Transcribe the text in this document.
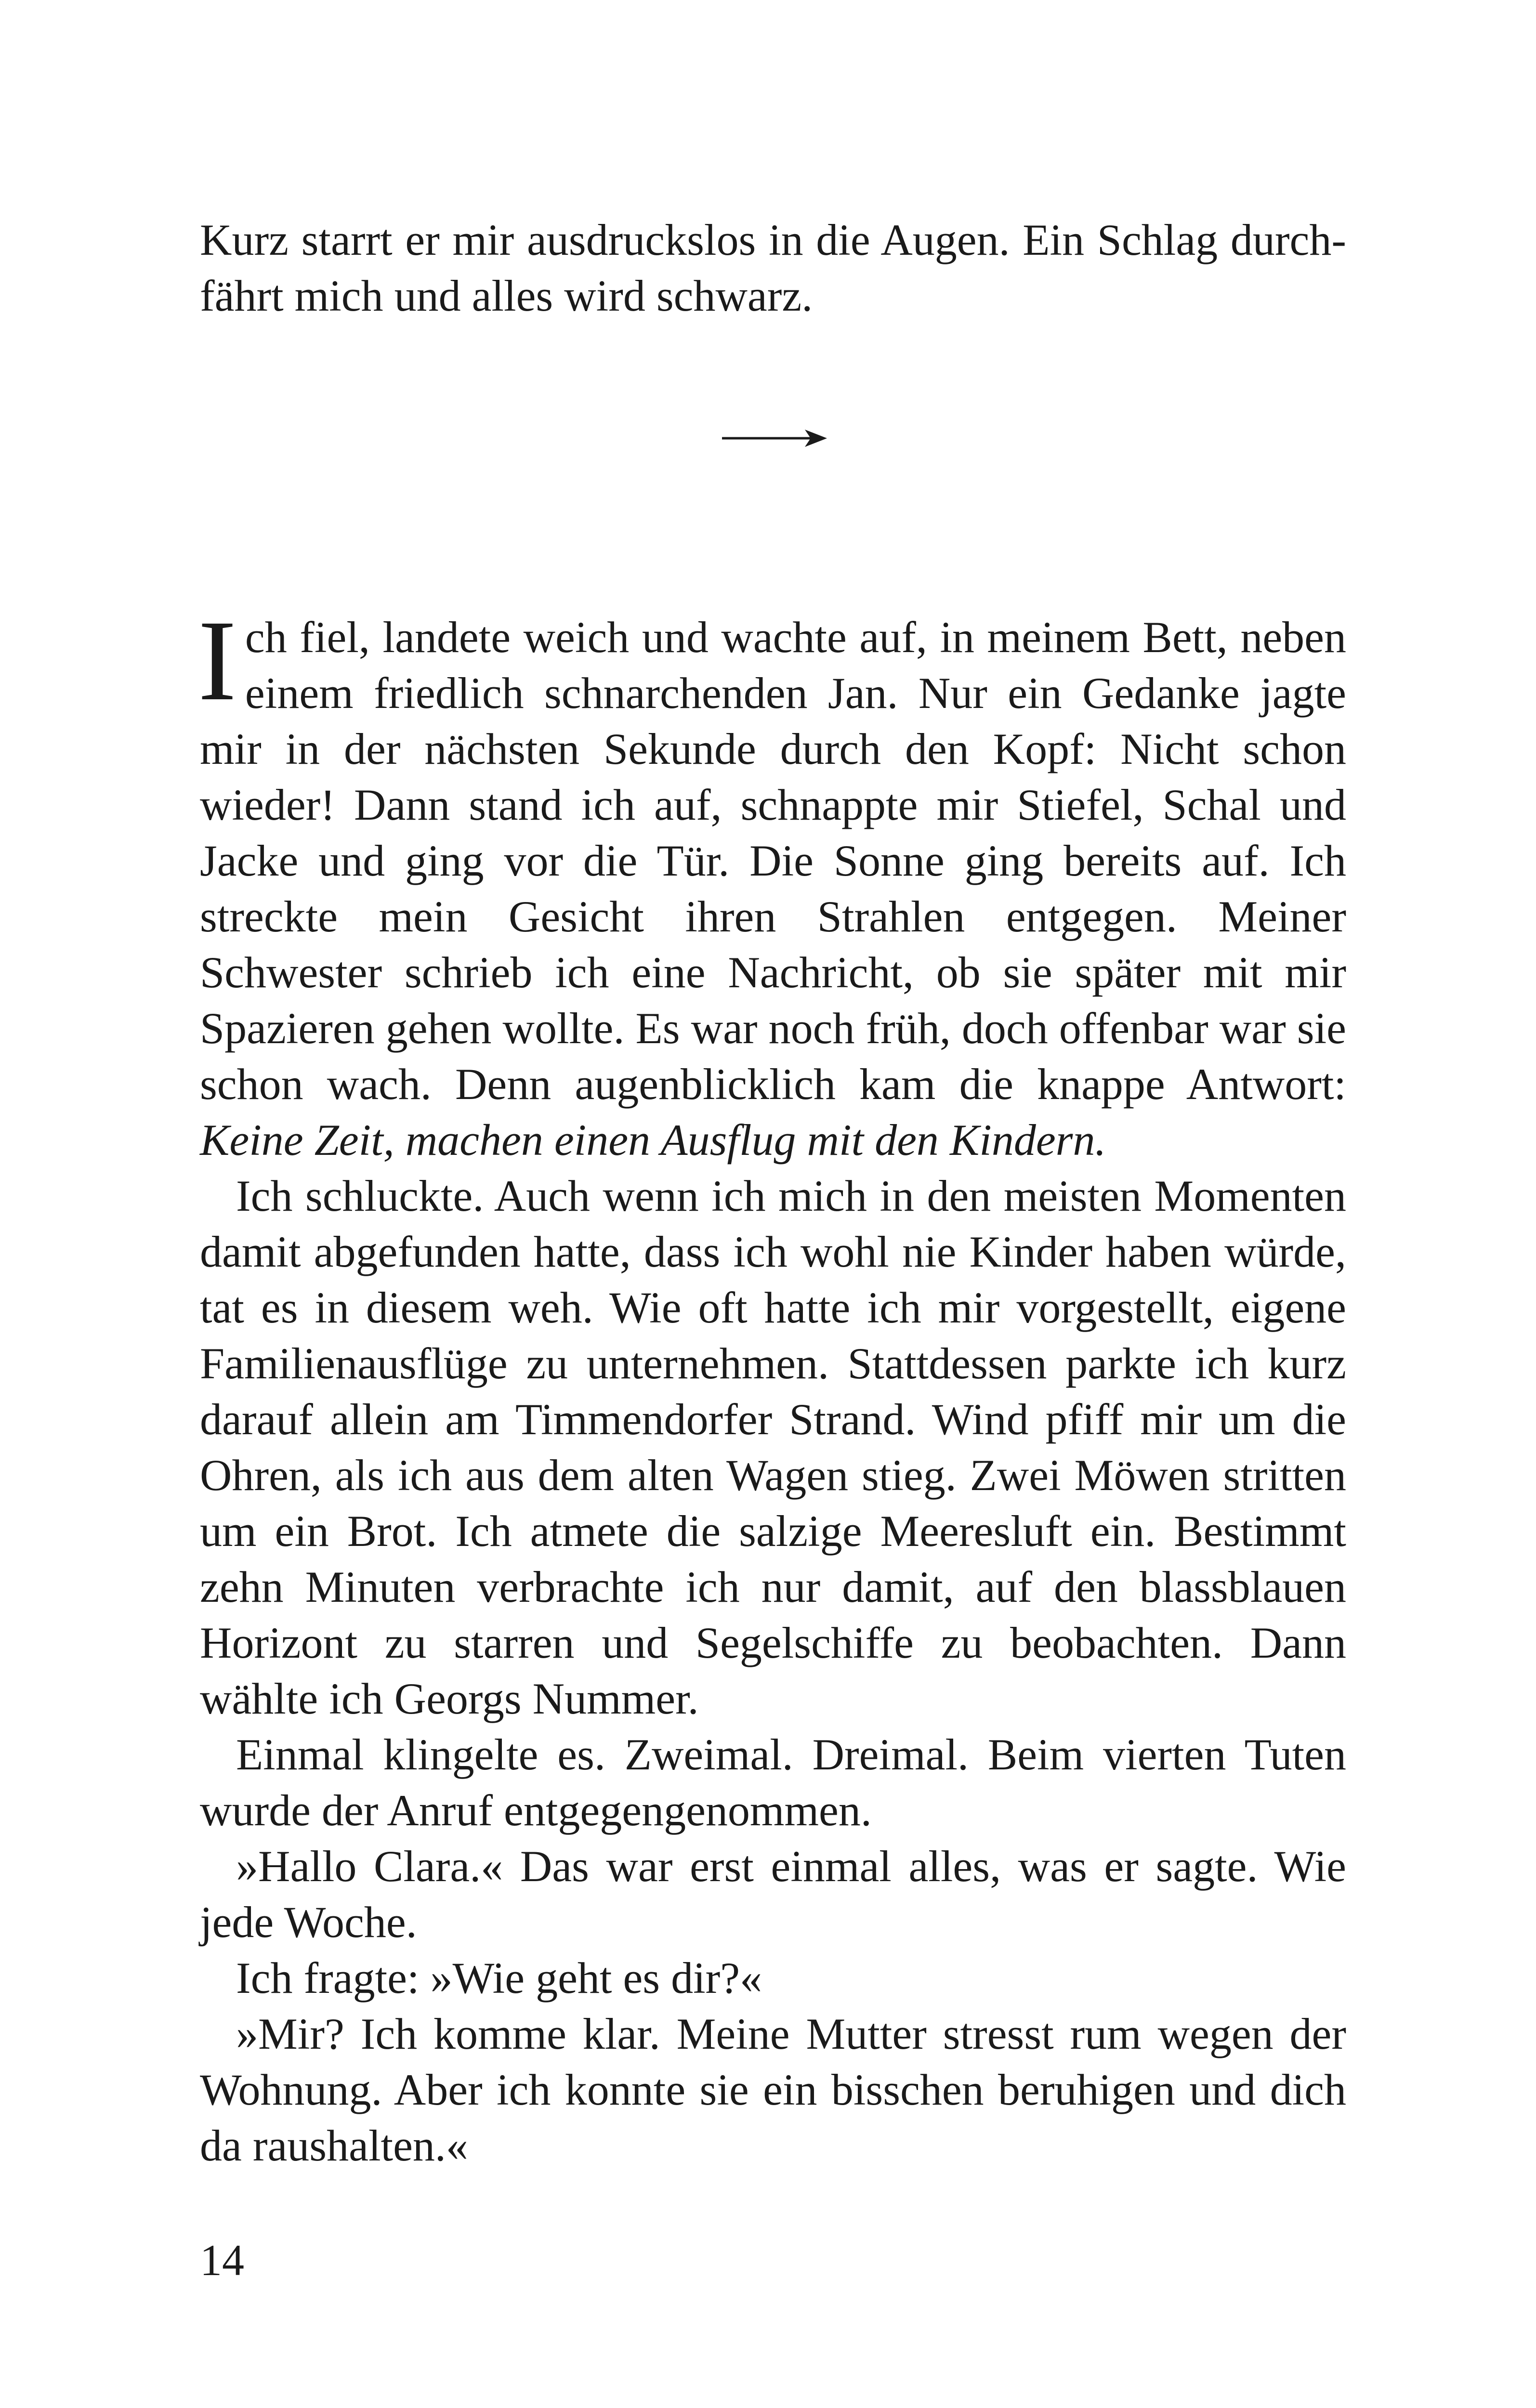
Kurz starrt er mir ausdruckslos in die Augen. Ein Schlag durchfährt mich und alles wird schwarz.

Ich fiel, landete weich und wachte auf, in meinem Bett, neben einem friedlich schnarchenden Jan. Nur ein Gedanke jagte mir in der nächsten Sekunde durch den Kopf: Nicht schon wieder! Dann stand ich auf, schnappte mir Stiefel, Schal und Jacke und ging vor die Tür. Die Sonne ging bereits auf. Ich streckte mein Gesicht ihren Strahlen entgegen. Meiner Schwester schrieb ich eine Nachricht, ob sie später mit mir Spazieren gehen wollte. Es war noch früh, doch offenbar war sie schon wach. Denn augenblicklich kam die knappe Antwort: Keine Zeit, machen einen Ausflug mit den Kindern.

Ich schluckte. Auch wenn ich mich in den meisten Momenten damit abgefunden hatte, dass ich wohl nie Kinder haben würde, tat es in diesem weh. Wie oft hatte ich mir vorgestellt, eigene Familienausflüge zu unternehmen. Stattdessen parkte ich kurz darauf allein am Timmendorfer Strand. Wind pfiff mir um die Ohren, als ich aus dem alten Wagen stieg. Zwei Möwen stritten um ein Brot. Ich atmete die salzige Meeresluft ein. Bestimmt zehn Minuten verbrachte ich nur damit, auf den blassblauen Horizont zu starren und Segelschiffe zu beobachten. Dann wählte ich Georgs Nummer.

Einmal klingelte es. Zweimal. Dreimal. Beim vierten Tuten wurde der Anruf entgegengenommen.

»Hallo Clara.« Das war erst einmal alles, was er sagte. Wie jede Woche.

Ich fragte: »Wie geht es dir?«

»Mir? Ich komme klar. Meine Mutter stresst rum wegen der Wohnung. Aber ich konnte sie ein bisschen beruhigen und dich da raushalten.«

14
